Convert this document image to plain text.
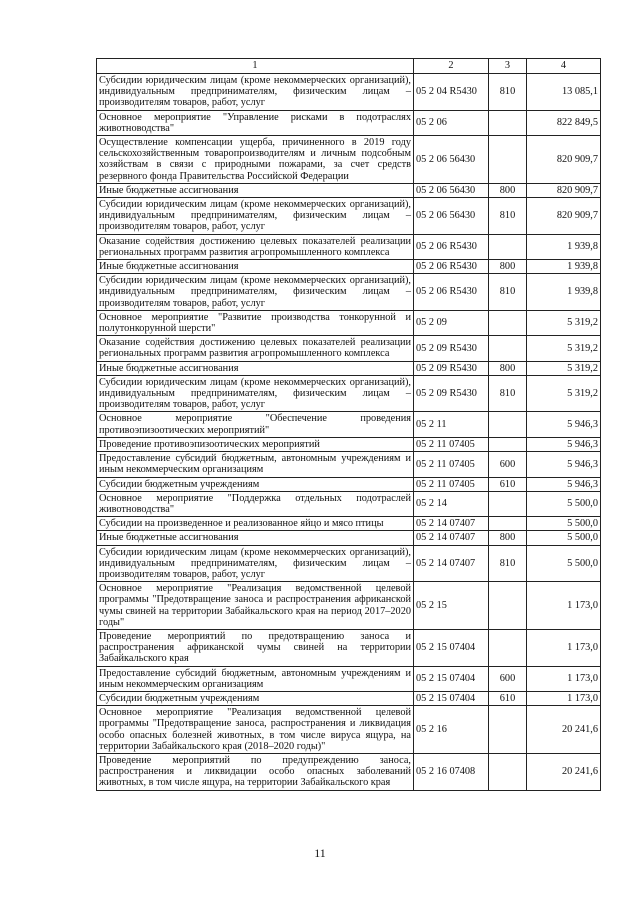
1	2	3	4
Субсидии юридическим лицам (кроме некоммерческих организаций), индивидуальным предпринимателям, физическим лицам – производителям товаров, работ, услуг	05 2 04 R5430	810	13 085,1
Основное мероприятие "Управление рисками в подотраслях животноводства"	05 2 06		822 849,5
Осуществление компенсации ущерба, причиненного в 2019 году сельскохозяйственным товаропроизводителям и личным подсобным хозяйствам в связи с природными пожарами, за счет средств резервного фонда Правительства Российской Федерации	05 2 06 56430		820 909,7
Иные бюджетные ассигнования	05 2 06 56430	800	820 909,7
Субсидии юридическим лицам (кроме некоммерческих организаций), индивидуальным предпринимателям, физическим лицам – производителям товаров, работ, услуг	05 2 06 56430	810	820 909,7
Оказание содействия достижению целевых показателей реализации региональных программ развития агропромышленного комплекса	05 2 06 R5430		1 939,8
Иные бюджетные ассигнования	05 2 06 R5430	800	1 939,8
Субсидии юридическим лицам (кроме некоммерческих организаций), индивидуальным предпринимателям, физическим лицам – производителям товаров, работ, услуг	05 2 06 R5430	810	1 939,8
Основное мероприятие "Развитие производства тонкорунной и полутонкорунной шерсти"	05 2 09		5 319,2
Оказание содействия достижению целевых показателей реализации региональных программ развития агропромышленного комплекса	05 2 09 R5430		5 319,2
Иные бюджетные ассигнования	05 2 09 R5430	800	5 319,2
Субсидии юридическим лицам (кроме некоммерческих организаций), индивидуальным предпринимателям, физическим лицам – производителям товаров, работ, услуг	05 2 09 R5430	810	5 319,2
Основное мероприятие "Обеспечение проведения противоэпизоотических мероприятий"	05 2 11		5 946,3
Проведение противоэпизоотических мероприятий	05 2 11 07405		5 946,3
Предоставление субсидий бюджетным, автономным учреждениям и иным некоммерческим организациям	05 2 11 07405	600	5 946,3
Субсидии бюджетным учреждениям	05 2 11 07405	610	5 946,3
Основное мероприятие "Поддержка отдельных подотраслей животноводства"	05 2 14		5 500,0
Субсидии на произведенное и реализованное яйцо и мясо птицы	05 2 14 07407		5 500,0
Иные бюджетные ассигнования	05 2 14 07407	800	5 500,0
Субсидии юридическим лицам (кроме некоммерческих организаций), индивидуальным предпринимателям, физическим лицам – производителям товаров, работ, услуг	05 2 14 07407	810	5 500,0
Основное мероприятие "Реализация ведомственной целевой программы "Предотвращение заноса и распространения африканской чумы свиней на территории Забайкальского края на период 2017–2020 годы"	05 2 15		1 173,0
Проведение мероприятий по предотвращению заноса и распространения африканской чумы свиней на территории Забайкальского края	05 2 15 07404		1 173,0
Предоставление субсидий бюджетным, автономным учреждениям и иным некоммерческим организациям	05 2 15 07404	600	1 173,0
Субсидии бюджетным учреждениям	05 2 15 07404	610	1 173,0
Основное мероприятие "Реализация ведомственной целевой программы "Предотвращение заноса, распространения и ликвидация особо опасных болезней животных, в том числе вируса ящура, на территории Забайкальского края (2018–2020 годы)"	05 2 16		20 241,6
Проведение мероприятий по предупреждению заноса, распространения и ликвидации особо опасных заболеваний животных, в том числе ящура, на территории Забайкальского края	05 2 16 07408		20 241,6
11
